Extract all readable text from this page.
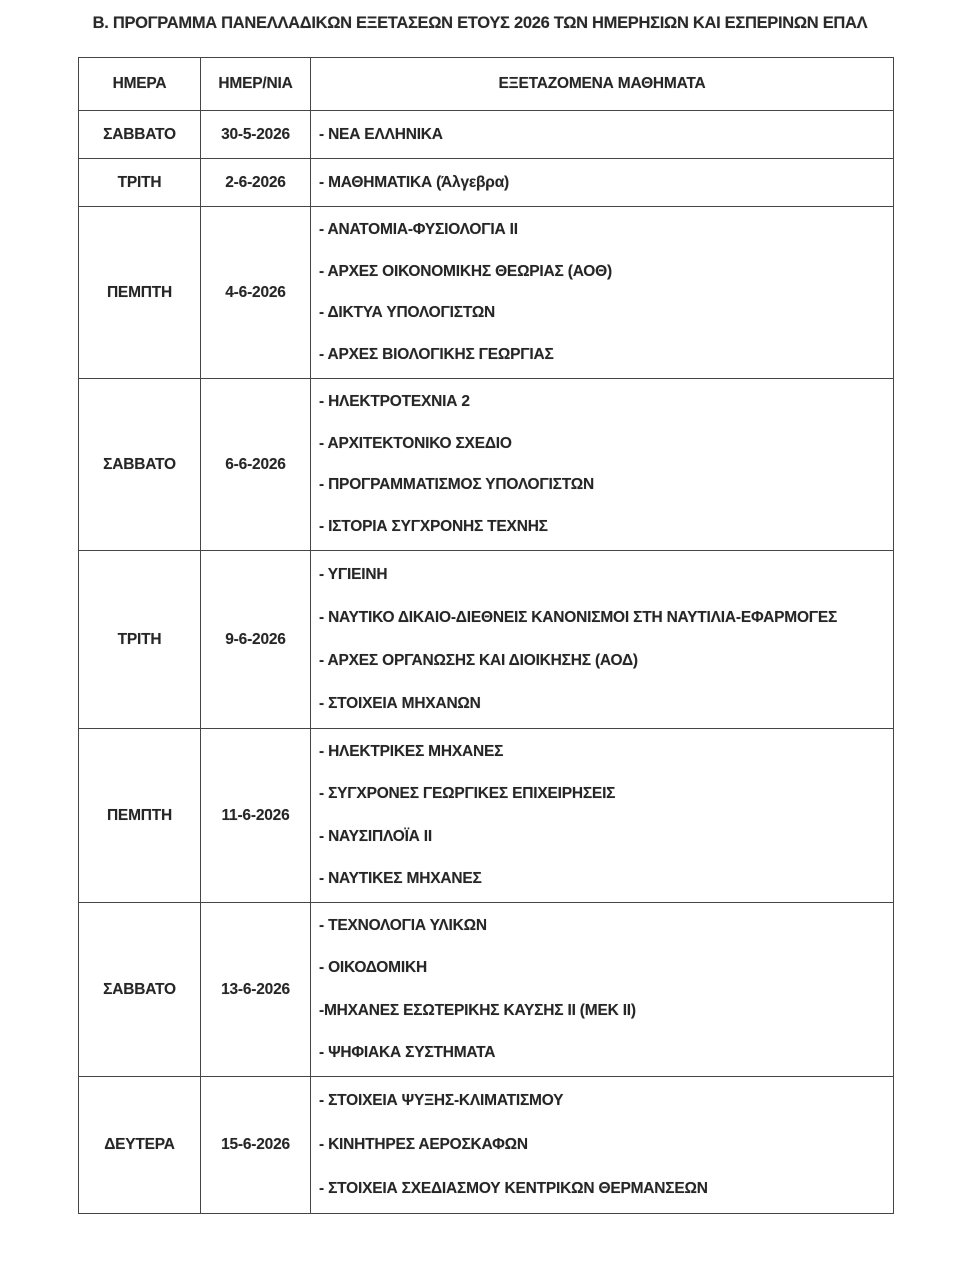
Β. ΠΡΟΓΡΑΜΜΑ ΠΑΝΕΛΛΑΔΙΚΩΝ ΕΞΕΤΑΣΕΩΝ ΕΤΟΥΣ 2026 ΤΩΝ ΗΜΕΡΗΣΙΩΝ ΚΑΙ ΕΣΠΕΡΙΝΩΝ ΕΠΑΛ
ΗΜΕΡΑ	ΗΜΕΡ/ΝΙΑ	ΕΞΕΤΑΖΟΜΕΝΑ ΜΑΘΗΜΑΤΑ
ΣΑΒΒΑΤΟ	30-5-2026	- ΝΕΑ ΕΛΛΗΝΙΚΑ

ΤΡΙΤΗ	2-6-2026	- ΜΑΘΗΜΑΤΙΚΑ (Άλγεβρα)

ΠΕΜΠΤΗ	4-6-2026	- ΑΝΑΤΟΜΙΑ-ΦΥΣΙΟΛΟΓΙΑ ΙΙ
- ΑΡΧΕΣ ΟΙΚΟΝΟΜΙΚΗΣ ΘΕΩΡΙΑΣ (ΑΟΘ)
- ΔΙΚΤΥΑ ΥΠΟΛΟΓΙΣΤΩΝ
- ΑΡΧΕΣ ΒΙΟΛΟΓΙΚΗΣ ΓΕΩΡΓΙΑΣ

ΣΑΒΒΑΤΟ	6-6-2026	- ΗΛΕΚΤΡΟΤΕΧΝΙΑ 2
- ΑΡΧΙΤΕΚΤΟΝΙΚΟ ΣΧΕΔΙΟ
- ΠΡΟΓΡΑΜΜΑΤΙΣΜΟΣ ΥΠΟΛΟΓΙΣΤΩΝ
- ΙΣΤΟΡΙΑ ΣΥΓΧΡΟΝΗΣ ΤΕΧΝΗΣ

ΤΡΙΤΗ	9-6-2026	- ΥΓΙΕΙΝΗ
- ΝΑΥΤΙΚΟ ΔΙΚΑΙΟ-ΔΙΕΘΝΕΙΣ ΚΑΝΟΝΙΣΜΟΙ ΣΤΗ ΝΑΥΤΙΛΙΑ-ΕΦΑΡΜΟΓΕΣ
- ΑΡΧΕΣ ΟΡΓΑΝΩΣΗΣ ΚΑΙ ΔΙΟΙΚΗΣΗΣ (ΑΟΔ)
- ΣΤΟΙΧΕΙΑ ΜΗΧΑΝΩΝ

ΠΕΜΠΤΗ	11-6-2026	- ΗΛΕΚΤΡΙΚΕΣ ΜΗΧΑΝΕΣ
- ΣΥΓΧΡΟΝΕΣ ΓΕΩΡΓΙΚΕΣ ΕΠΙΧΕΙΡΗΣΕΙΣ
- ΝΑΥΣΙΠΛΟΪΑ ΙΙ
- ΝΑΥΤΙΚΕΣ ΜΗΧΑΝΕΣ

ΣΑΒΒΑΤΟ	13-6-2026	- ΤΕΧΝΟΛΟΓΙΑ ΥΛΙΚΩΝ
- ΟΙΚΟΔΟΜΙΚΗ
-ΜΗΧΑΝΕΣ ΕΣΩΤΕΡΙΚΗΣ ΚΑΥΣΗΣ ΙΙ (ΜΕΚ ΙΙ)
- ΨΗΦΙΑΚΑ ΣΥΣΤΗΜΑΤΑ

ΔΕΥΤΕΡΑ	15-6-2026	- ΣΤΟΙΧΕΙΑ ΨΥΞΗΣ-ΚΛΙΜΑΤΙΣΜΟΥ
- ΚΙΝΗΤΗΡΕΣ ΑΕΡΟΣΚΑΦΩΝ
- ΣΤΟΙΧΕΙΑ ΣΧΕΔΙΑΣΜΟΥ ΚΕΝΤΡΙΚΩΝ ΘΕΡΜΑΝΣΕΩΝ
